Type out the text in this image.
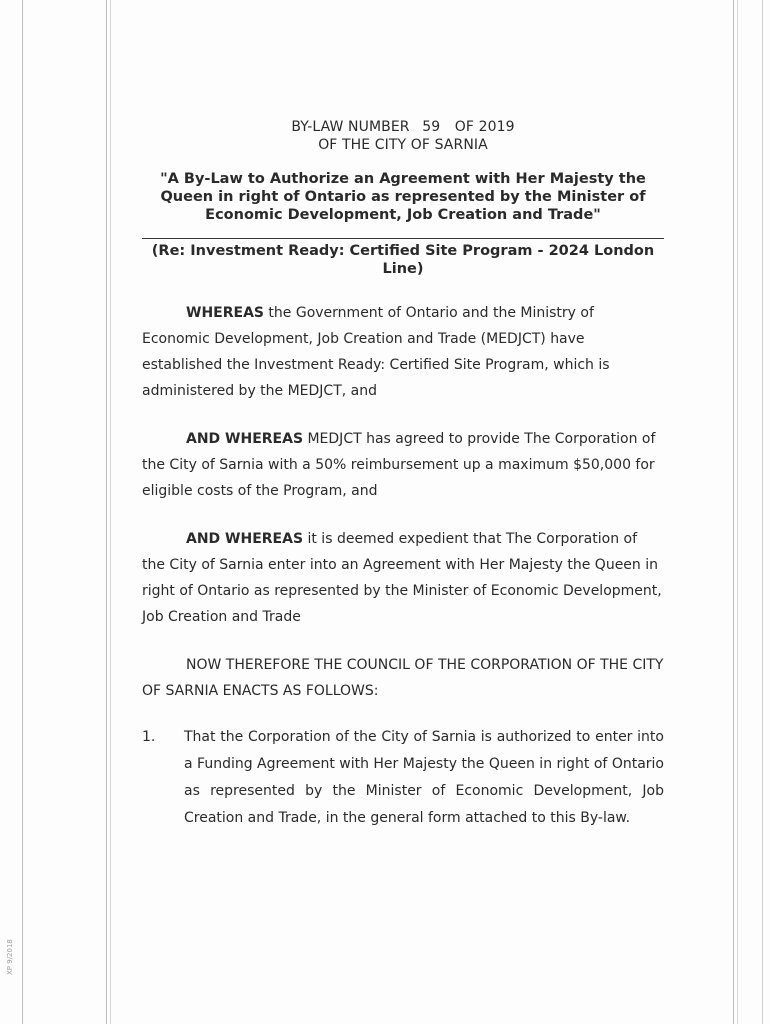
XP 9/2018
BY-LAW NUMBER 59 OF 2019
OF THE CITY OF SARNIA
"A By-Law to Authorize an Agreement with Her Majesty the Queen in right of Ontario as represented by the Minister of Economic Development, Job Creation and Trade"
(Re: Investment Ready: Certified Site Program - 2024 London Line)
WHEREAS the Government of Ontario and the Ministry of Economic Development, Job Creation and Trade (MEDJCT) have established the Investment Ready: Certified Site Program, which is administered by the MEDJCT, and
AND WHEREAS MEDJCT has agreed to provide The Corporation of the City of Sarnia with a 50% reimbursement up a maximum $50,000 for eligible costs of the Program, and
AND WHEREAS it is deemed expedient that The Corporation of the City of Sarnia enter into an Agreement with Her Majesty the Queen in right of Ontario as represented by the Minister of Economic Development, Job Creation and Trade
NOW THEREFORE THE COUNCIL OF THE CORPORATION OF THE CITY OF SARNIA ENACTS AS FOLLOWS:
1.	That the Corporation of the City of Sarnia is authorized to enter into a Funding Agreement with Her Majesty the Queen in right of Ontario as represented by the Minister of Economic Development, Job Creation and Trade, in the general form attached to this By-law.
